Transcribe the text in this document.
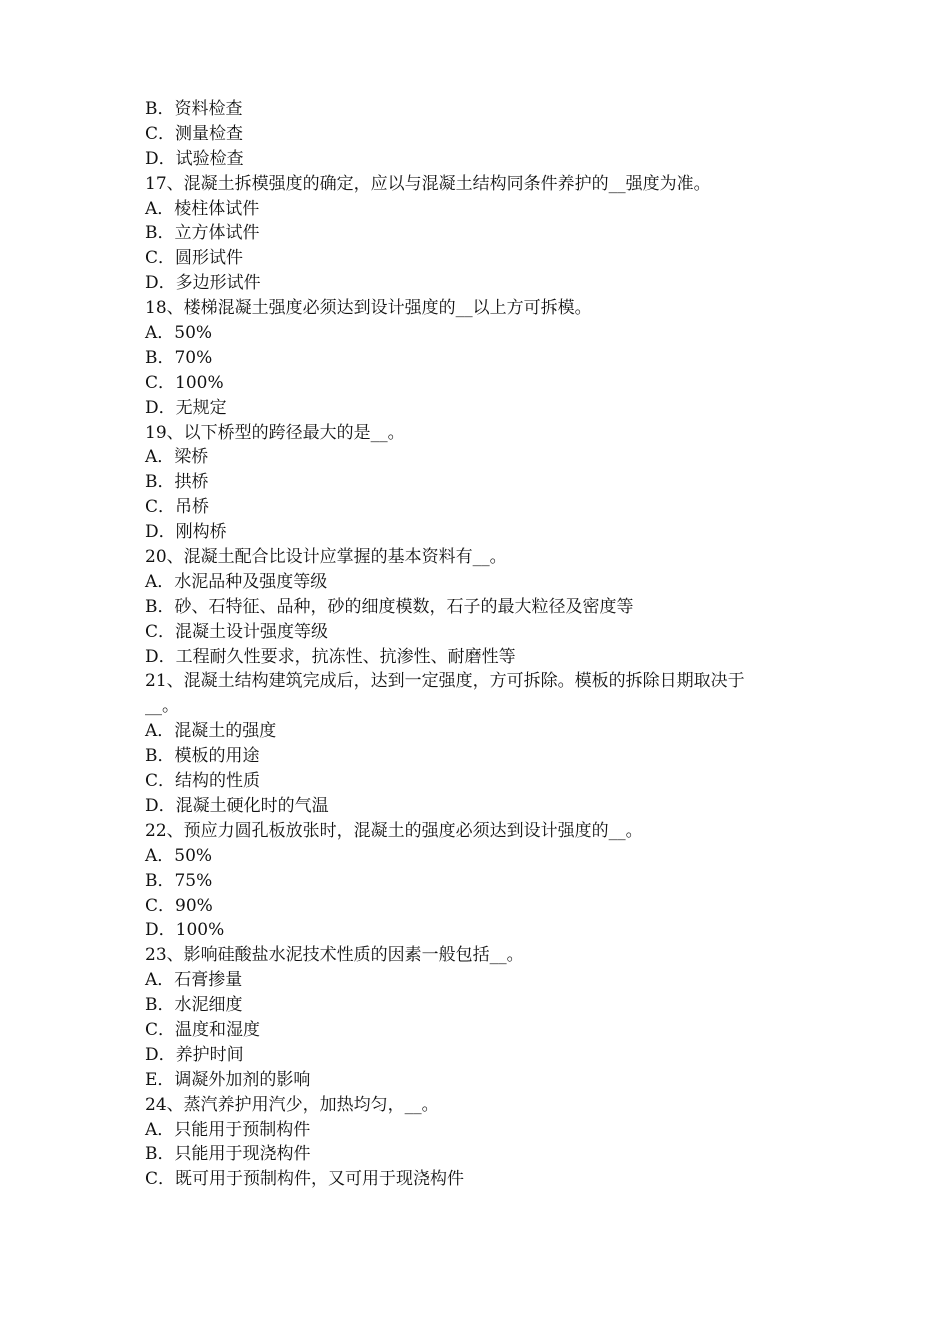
B．资料检查
C．测量检查
D．试验检查
17、混凝土拆模强度的确定，应以与混凝土结构同条件养护的__强度为准。
A．棱柱体试件
B．立方体试件
C．圆形试件
D．多边形试件
18、楼梯混凝土强度必须达到设计强度的__以上方可拆模。
A．50%
B．70%
C．100%
D．无规定
19、以下桥型的跨径最大的是__。
A．梁桥
B．拱桥
C．吊桥
D．刚构桥
20、混凝土配合比设计应掌握的基本资料有__。
A．水泥品种及强度等级
B．砂、石特征、品种，砂的细度模数，石子的最大粒径及密度等
C．混凝土设计强度等级
D．工程耐久性要求，抗冻性、抗渗性、耐磨性等
21、混凝土结构建筑完成后，达到一定强度，方可拆除。模板的拆除日期取决于
__。
A．混凝土的强度
B．模板的用途
C．结构的性质
D．混凝土硬化时的气温
22、预应力圆孔板放张时，混凝土的强度必须达到设计强度的__。
A．50%
B．75%
C．90%
D．100%
23、影响硅酸盐水泥技术性质的因素一般包括__。
A．石膏掺量
B．水泥细度
C．温度和湿度
D．养护时间
E．调凝外加剂的影响
24、蒸汽养护用汽少，加热均匀，__。
A．只能用于预制构件
B．只能用于现浇构件
C．既可用于预制构件，又可用于现浇构件
